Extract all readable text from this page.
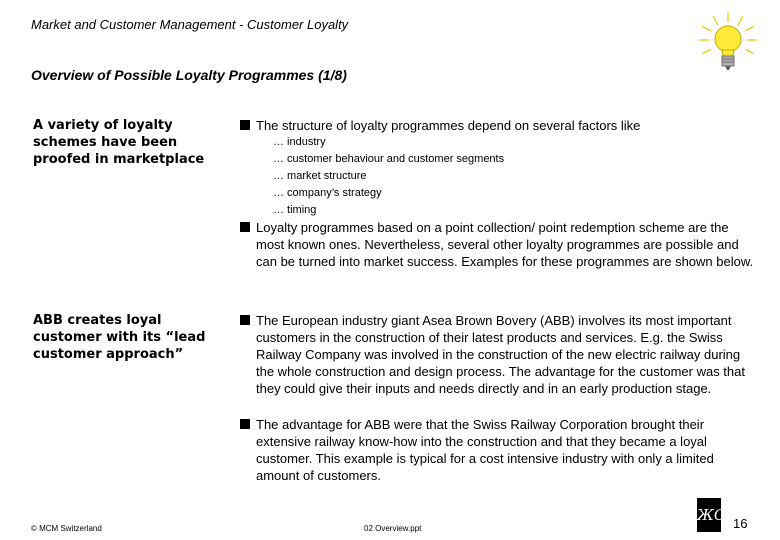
Market and Customer Management - Customer Loyalty
Overview of Possible Loyalty Programmes (1/8)
A variety of loyalty schemes have been proofed in marketplace
The structure of loyalty programmes depend on several factors like
… industry
… customer behaviour and customer segments
… market structure
… company’s strategy
… timing
Loyalty programmes based on a point collection/ point redemption scheme are the most known ones. Nevertheless, several other loyalty programmes are possible and can be turned into market success. Examples for these programmes are shown below.
ABB creates loyal customer with its “lead customer approach”
The European industry giant Asea Brown Bovery (ABB) involves its most important customers in the construction of their latest products and services. E.g. the Swiss Railway Company was involved in the construction of the new electric railway during the whole construction and design process. The advantage for the customer was that they could give their inputs and needs directly and in an early production stage.
The advantage for ABB were that the Swiss Railway Corporation brought their extensive railway know-how into the construction and that they became a loyal customer. This example is typical for a cost intensive industry with only a limited amount of customers.
© MCM Switzerland	02 Overview.ppt
ЖС 16
